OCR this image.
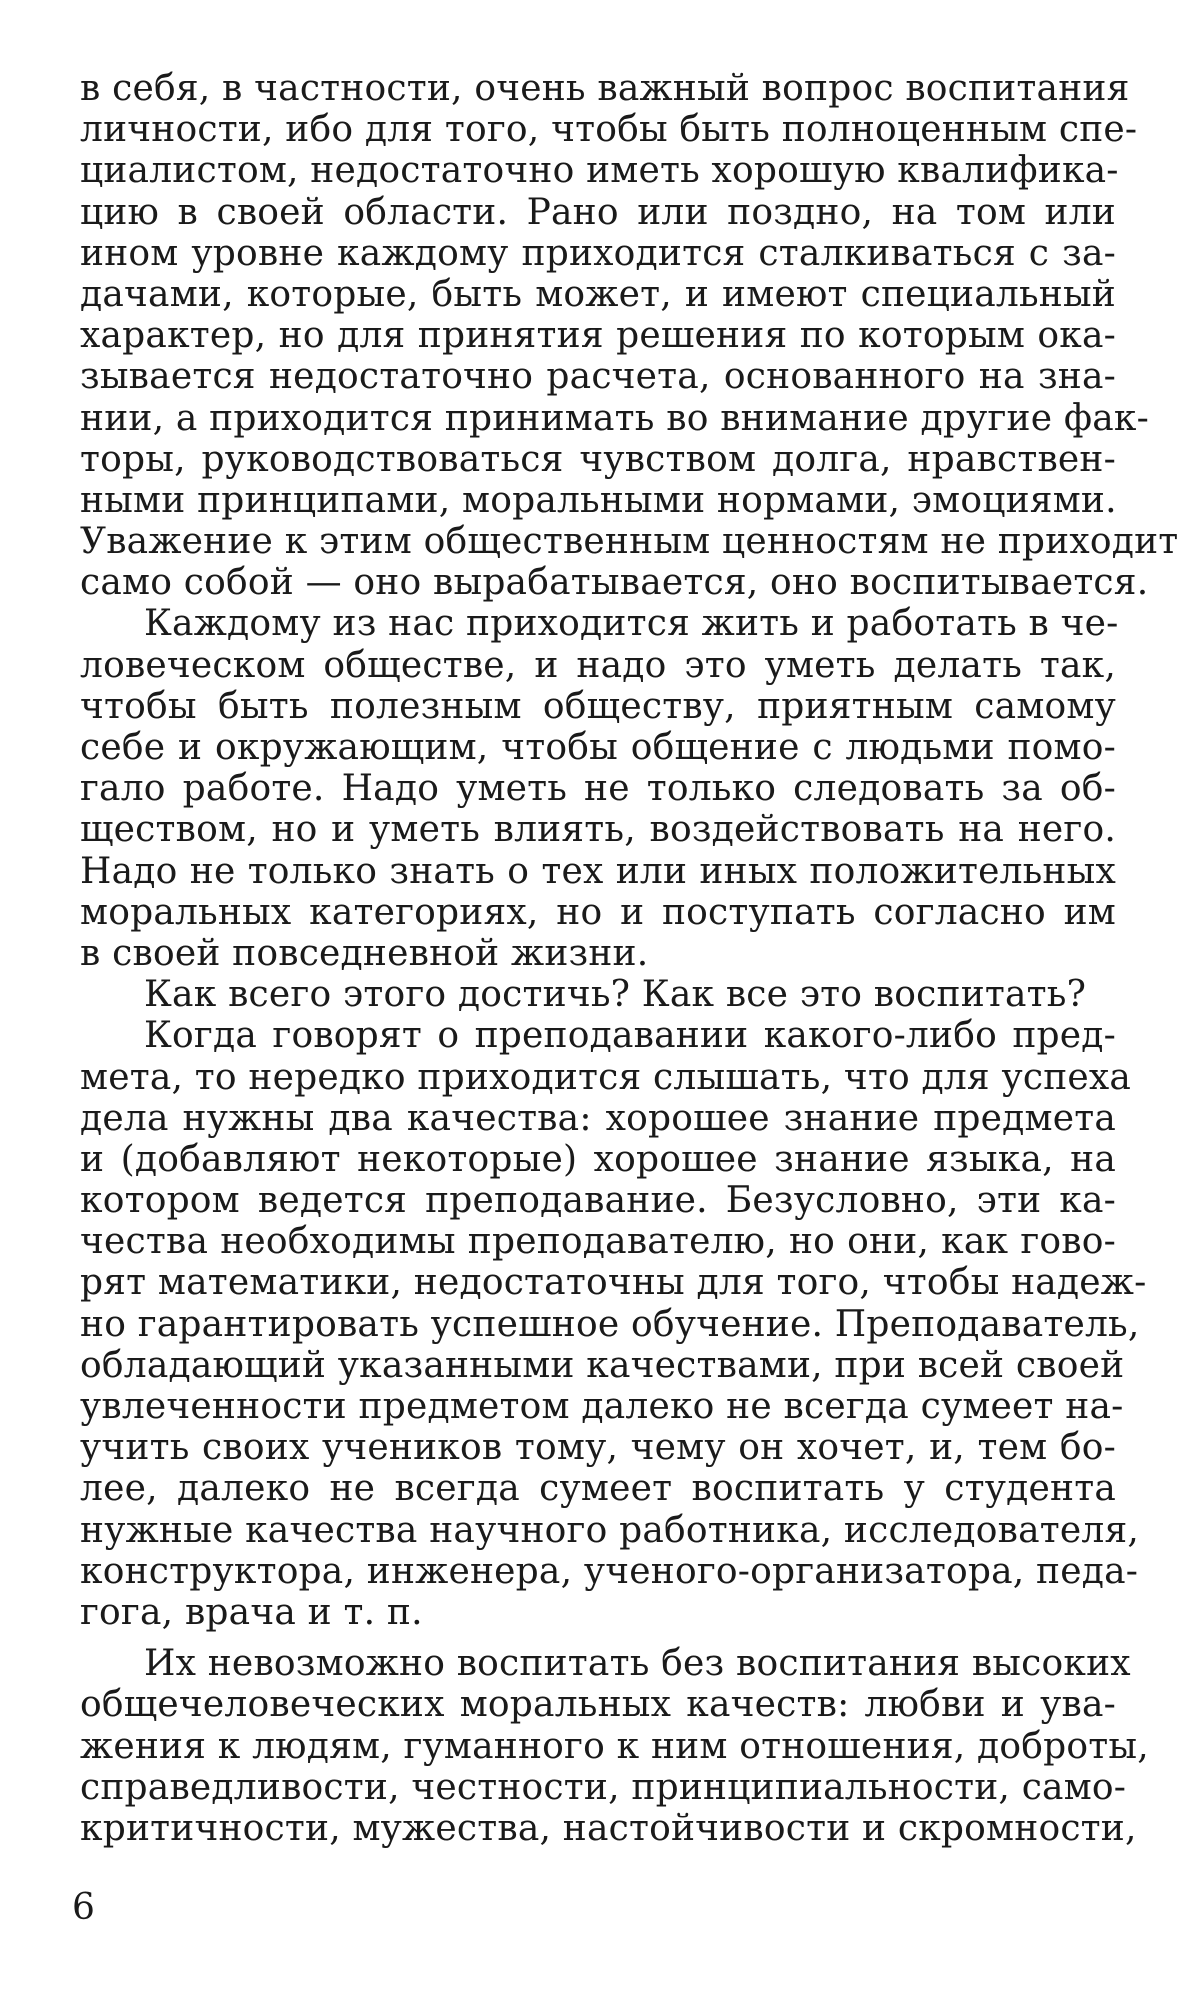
в себя, в частности, очень важный вопрос воспитания
личности, ибо для того, чтобы быть полноценным спе-
циалистом, недостаточно иметь хорошую квалифика-
цию в своей области. Рано или поздно, на том или
ином уровне каждому приходится сталкиваться с за-
дачами, которые, быть может, и имеют специальный
характер, но для принятия решения по которым ока-
зывается недостаточно расчета, основанного на зна-
нии, а приходится принимать во внимание другие фак-
торы, руководствоваться чувством долга, нравствен-
ными принципами, моральными нормами, эмоциями.
Уважение к этим общественным ценностям не приходит
само собой — оно вырабатывается, оно воспитывается.
Каждому из нас приходится жить и работать в че-
ловеческом обществе, и надо это уметь делать так,
чтобы быть полезным обществу, приятным самому
себе и окружающим, чтобы общение с людьми помо-
гало работе. Надо уметь не только следовать за об-
ществом, но и уметь влиять, воздействовать на него.
Надо не только знать о тех или иных положительных
моральных категориях, но и поступать согласно им
в своей повседневной жизни.
Как всего этого достичь? Как все это воспитать?
Когда говорят о преподавании какого-либо пред-
мета, то нередко приходится слышать, что для успеха
дела нужны два качества: хорошее знание предмета
и (добавляют некоторые) хорошее знание языка, на
котором ведется преподавание. Безусловно, эти ка-
чества необходимы преподавателю, но они, как гово-
рят математики, недостаточны для того, чтобы надеж-
но гарантировать успешное обучение. Преподаватель,
обладающий указанными качествами, при всей своей
увлеченности предметом далеко не всегда сумеет на-
учить своих учеников тому, чему он хочет, и, тем бо-
лее, далеко не всегда сумеет воспитать у студента
нужные качества научного работника, исследователя,
конструктора, инженера, ученого-организатора, педа-
гога, врача и т. п.
Их невозможно воспитать без воспитания высоких
общечеловеческих моральных качеств: любви и ува-
жения к людям, гуманного к ним отношения, доброты,
справедливости, честности, принципиальности, само-
критичности, мужества, настойчивости и скромности,
6
